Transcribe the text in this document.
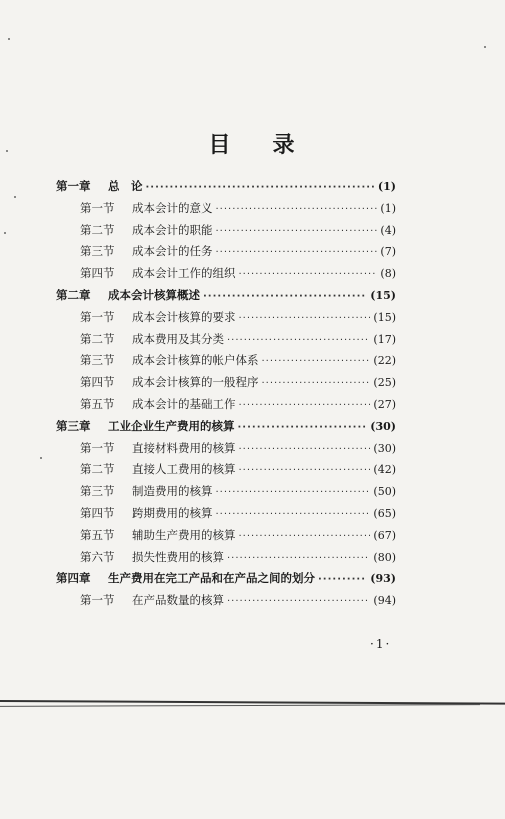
目 录
第一章	总　论 ·····	(1)
第一节	成本会计的意义 ·····	(1)
第二节	成本会计的职能 ·····	(4)
第三节	成本会计的任务 ·····	(7)
第四节	成本会计工作的组织 ·····	(8)
第二章	成本会计核算概述 ·····	(15)
第一节	成本会计核算的要求 ·····	(15)
第二节	成本费用及其分类 ·····	(17)
第三节	成本会计核算的帐户体系 ·····	(22)
第四节	成本会计核算的一般程序 ·····	(25)
第五节	成本会计的基础工作 ·····	(27)
第三章	工业企业生产费用的核算 ·····	(30)
第一节	直接材料费用的核算 ·····	(30)
第二节	直接人工费用的核算 ·····	(42)
第三节	制造费用的核算 ·····	(50)
第四节	跨期费用的核算 ·····	(65)
第五节	辅助生产费用的核算 ·····	(67)
第六节	损失性费用的核算 ·····	(80)
第四章	生产费用在完工产品和在产品之间的划分 ·····	(93)
第一节	在产品数量的核算 ·····	(94)
·1·
